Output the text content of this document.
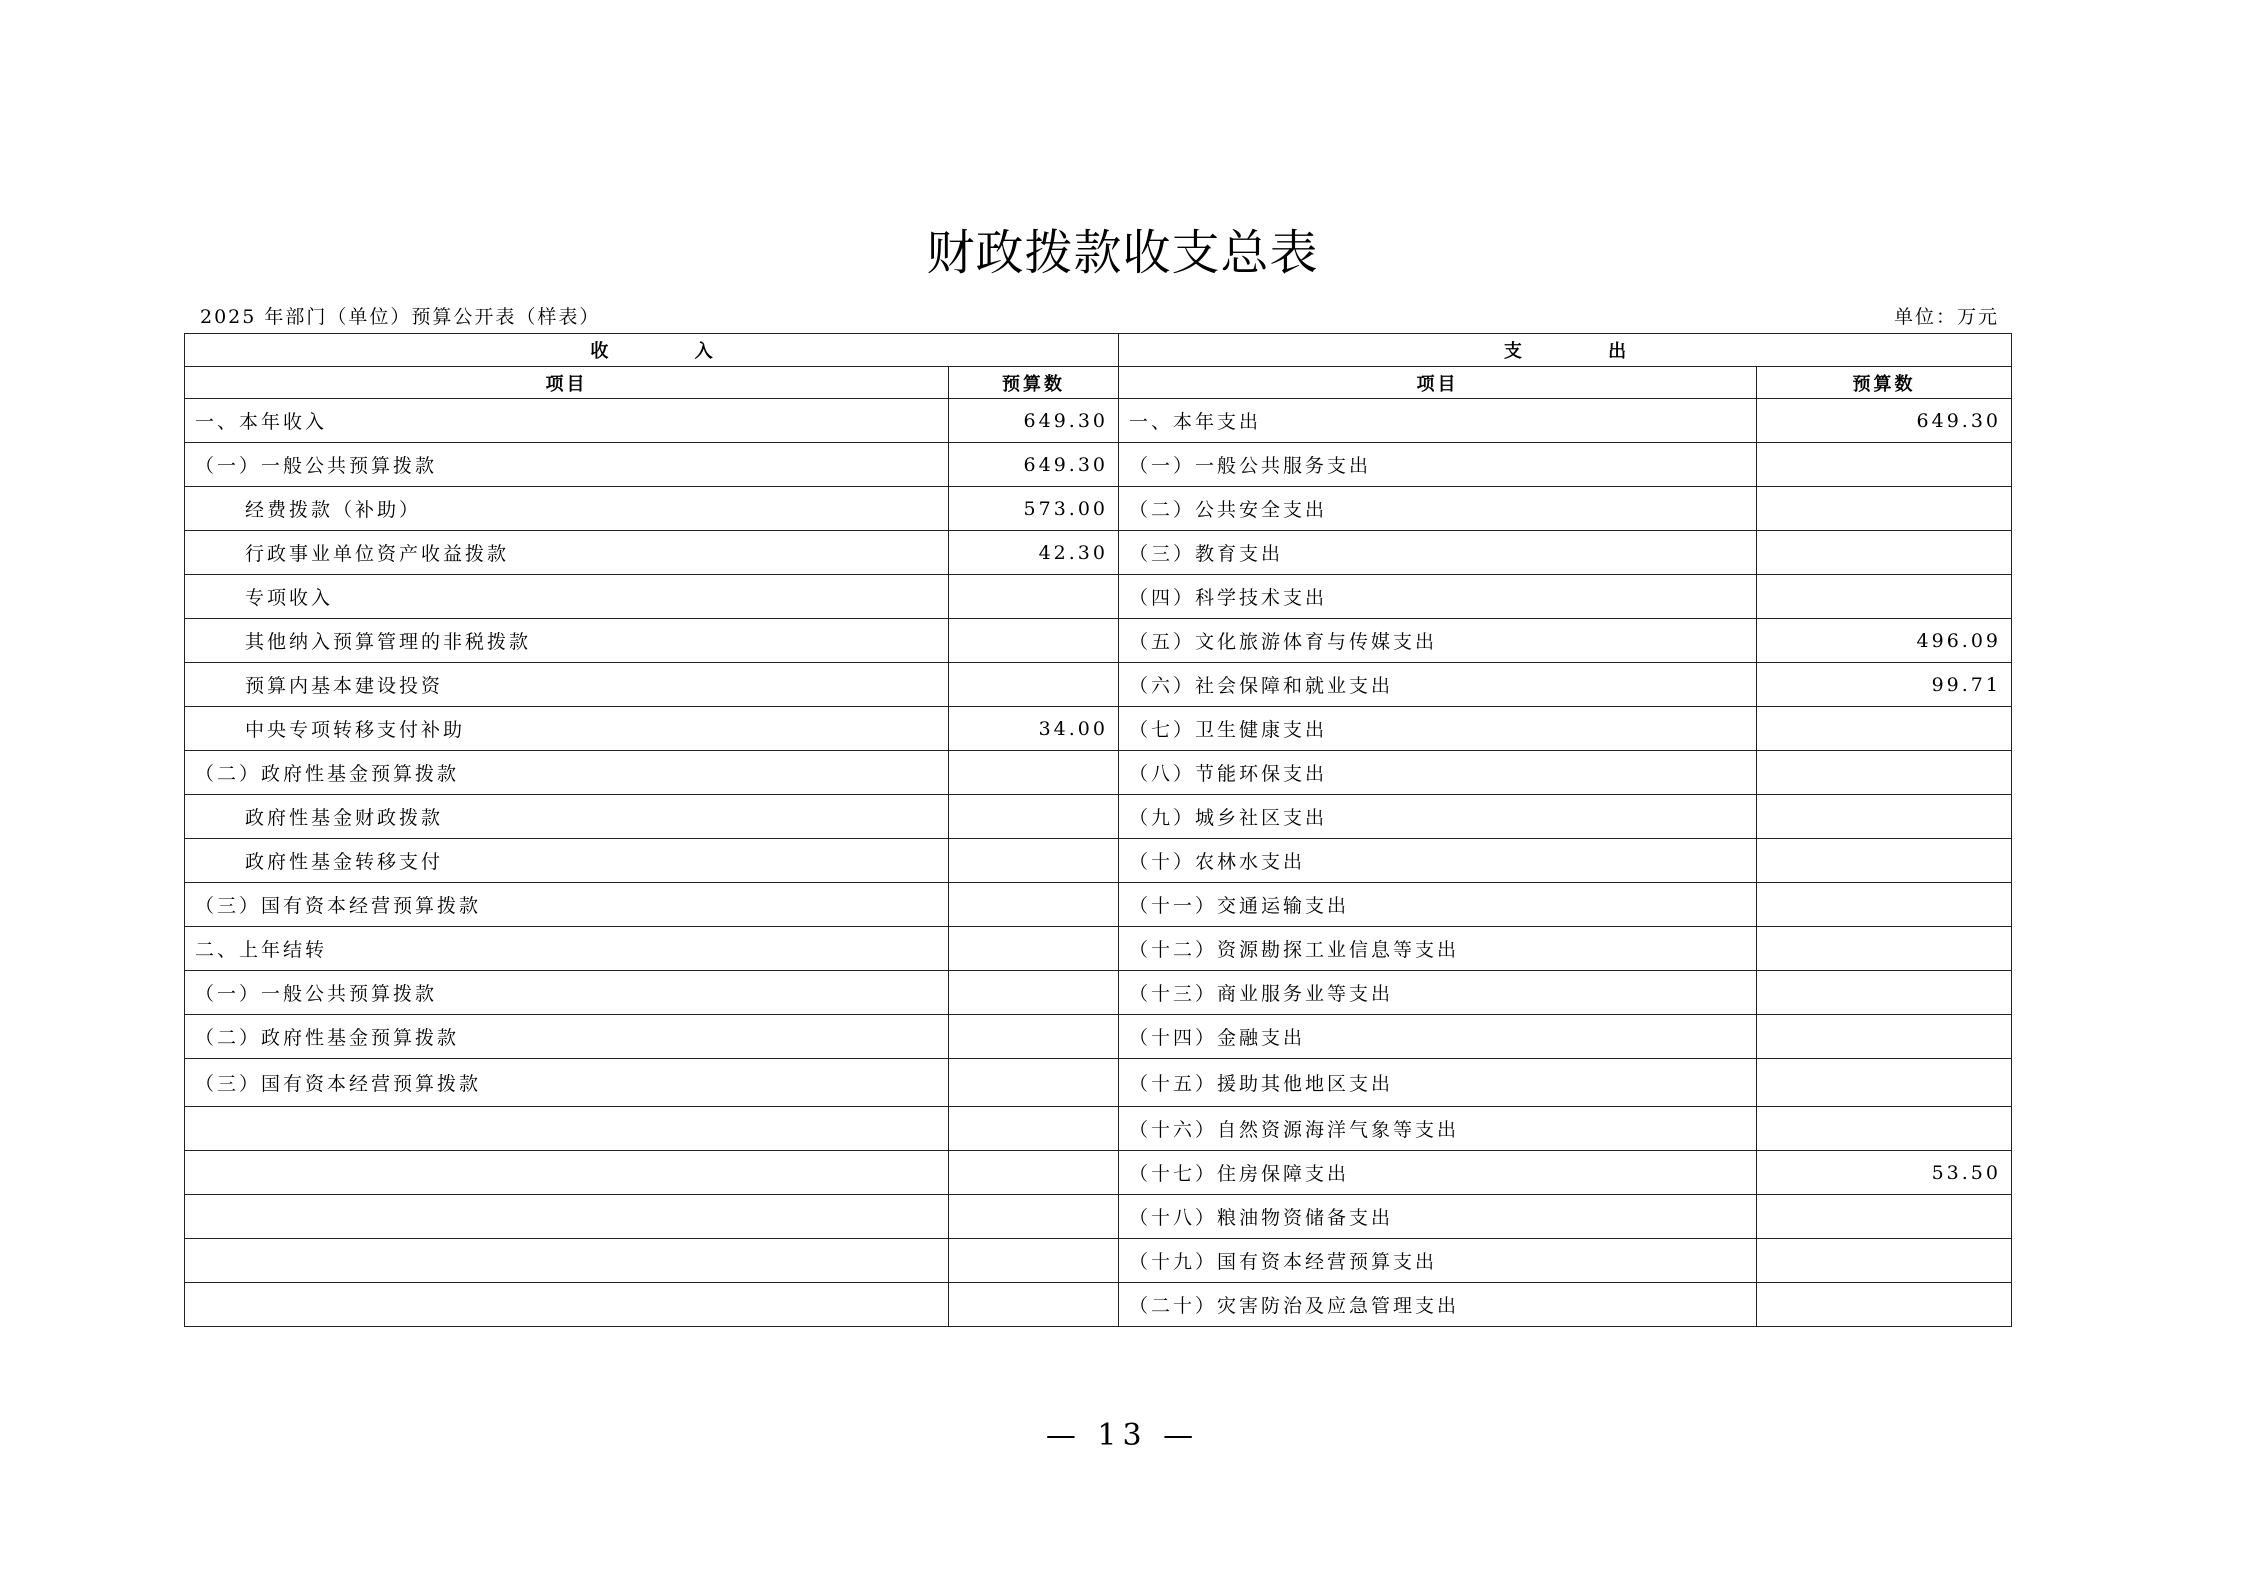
财政拨款收支总表
2025 年部门（单位）预算公开表（样表）	单位：万元
收 入		支 出	
项目	预算数	项目	预算数
一、本年收入	649.30	一、本年支出	649.30
（一）一般公共预算拨款	649.30	（一）一般公共服务支出	
经费拨款（补助）	573.00	（二）公共安全支出	
行政事业单位资产收益拨款	42.30	（三）教育支出	
专项收入		（四）科学技术支出	
其他纳入预算管理的非税拨款		（五）文化旅游体育与传媒支出	496.09
预算内基本建设投资		（六）社会保障和就业支出	99.71
中央专项转移支付补助	34.00	（七）卫生健康支出	
（二）政府性基金预算拨款		（八）节能环保支出	
政府性基金财政拨款		（九）城乡社区支出	
政府性基金转移支付		（十）农林水支出	
（三）国有资本经营预算拨款		（十一）交通运输支出	
二、上年结转		（十二）资源勘探工业信息等支出	
（一）一般公共预算拨款		（十三）商业服务业等支出	
（二）政府性基金预算拨款		（十四）金融支出	
（三）国有资本经营预算拨款		（十五）援助其他地区支出	
		（十六）自然资源海洋气象等支出	
		（十七）住房保障支出	53.50
		（十八）粮油物资储备支出	
		（十九）国有资本经营预算支出	
		（二十）灾害防治及应急管理支出	
— 13 —
